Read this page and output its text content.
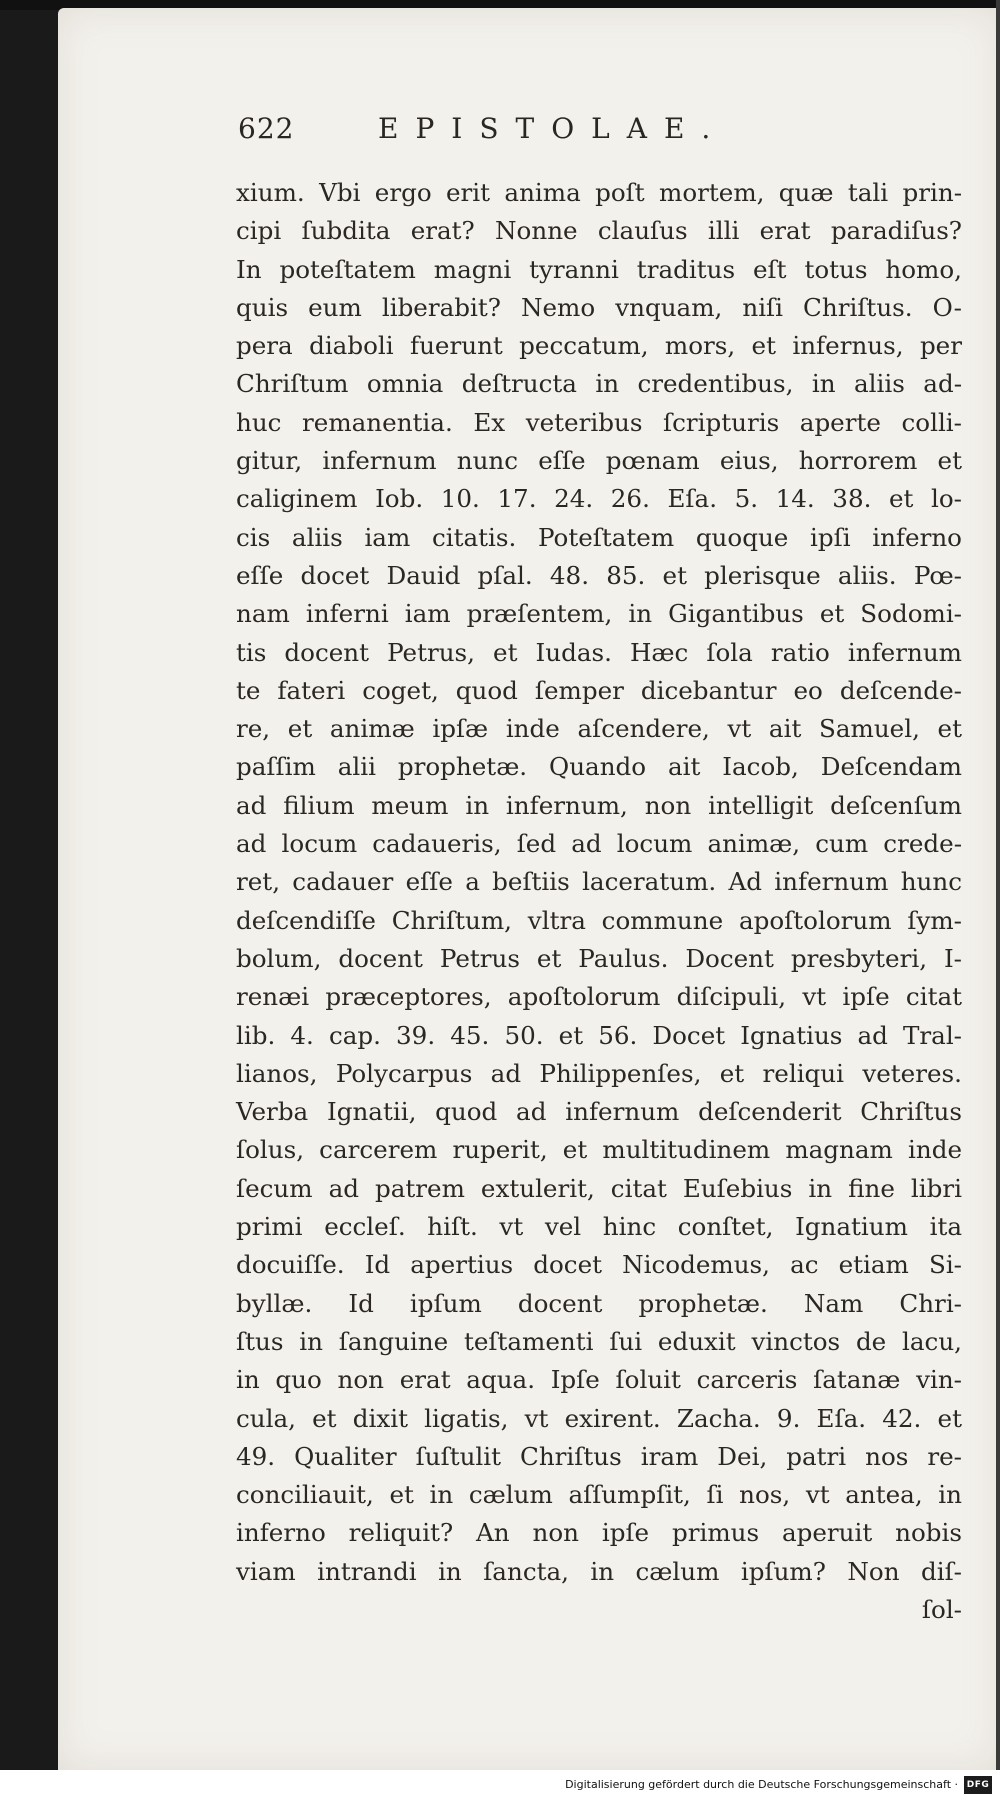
622	EPISTOLAE.
xium. Vbi ergo erit anima poſt mortem, quæ tali prin-
cipi ſubdita erat? Nonne clauſus illi erat paradiſus?
In poteſtatem magni tyranni traditus eſt totus homo,
quis eum liberabit? Nemo vnquam, niſi Chriſtus. O-
pera diaboli fuerunt peccatum, mors, et infernus, per
Chriſtum omnia deſtructa in credentibus, in aliis ad-
huc remanentia. Ex veteribus ſcripturis aperte colli-
gitur, infernum nunc eſſe pœnam eius, horrorem et
caliginem Iob. 10. 17. 24. 26. Eſa. 5. 14. 38. et lo-
cis aliis iam citatis. Poteſtatem quoque ipſi inferno
eſſe docet Dauid pſal. 48. 85. et plerisque aliis. Pœ-
nam inferni iam præſentem, in Gigantibus et Sodomi-
tis docent Petrus, et Iudas. Hæc ſola ratio infernum
te fateri coget, quod ſemper dicebantur eo deſcende-
re, et animæ ipſæ inde aſcendere, vt ait Samuel, et
paſſim alii prophetæ. Quando ait Iacob, Deſcendam
ad filium meum in infernum, non intelligit deſcenſum
ad locum cadaueris, ſed ad locum animæ, cum crede-
ret, cadauer eſſe a beſtiis laceratum. Ad infernum hunc
deſcendiſſe Chriſtum, vltra commune apoſtolorum ſym-
bolum, docent Petrus et Paulus. Docent presbyteri, I-
renæi præceptores, apoſtolorum diſcipuli, vt ipſe citat
lib. 4. cap. 39. 45. 50. et 56. Docet Ignatius ad Tral-
lianos, Polycarpus ad Philippenſes, et reliqui veteres.
Verba Ignatii, quod ad infernum deſcenderit Chriſtus
ſolus, carcerem ruperit, et multitudinem magnam inde
ſecum ad patrem extulerit, citat Euſebius in fine libri
primi eccleſ. hiſt. vt vel hinc conſtet, Ignatium ita
docuiſſe. Id apertius docet Nicodemus, ac etiam Si-
byllæ. Id ipſum docent prophetæ. Nam Chri-
ſtus in ſanguine teſtamenti ſui eduxit vinctos de lacu,
in quo non erat aqua. Ipſe ſoluit carceris ſatanæ vin-
cula, et dixit ligatis, vt exirent. Zacha. 9. Eſa. 42. et
49. Qualiter ſuſtulit Chriſtus iram Dei, patri nos re-
conciliauit, et in cælum aſſumpſit, ſi nos, vt antea, in
inferno reliquit? An non ipſe primus aperuit nobis
viam intrandi in ſancta, in cælum ipſum? Non diſ-
ſol-
Digitalisierung gefördert durch die Deutsche Forschungsgemeinschaft · DFG
